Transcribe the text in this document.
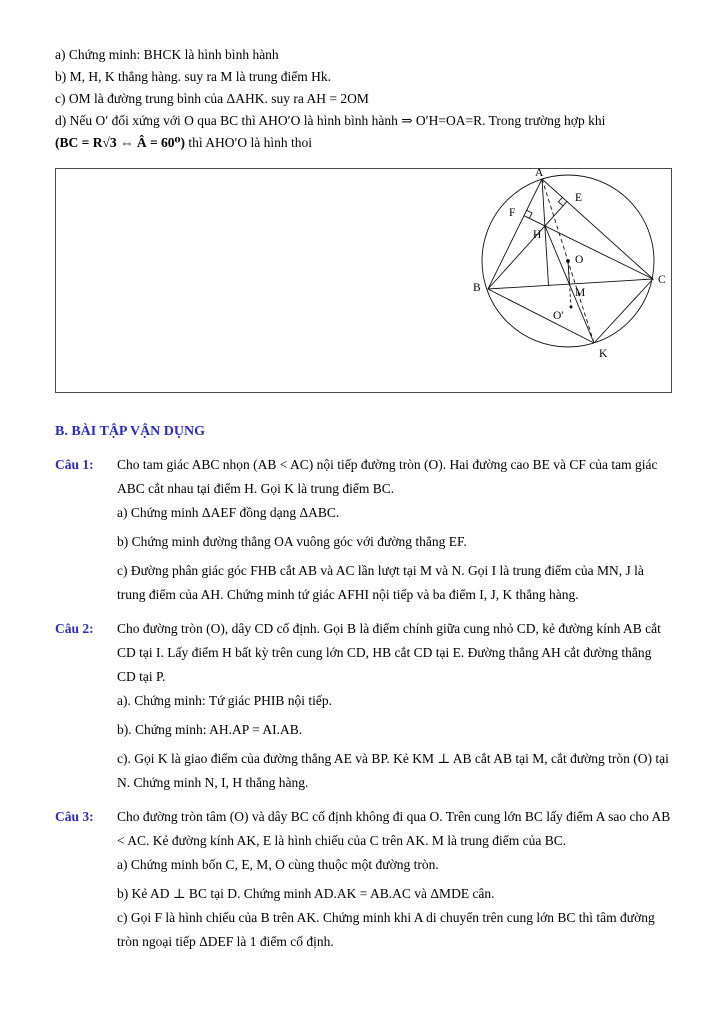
a) Chứng minh: BHCK là hình bình hành

b) M, H, K thẳng hàng. suy ra M là trung điểm Hk.

c) OM là đường trung bình của ΔAHK. suy ra AH = 2OM

d) Nếu O′ đối xứng với O qua BC thì AHO′O là hình bình hành ⇒ O′H=OA=R. Trong trường hợp khi

(BC = R√3 ⇔ Â = 60⁰) thì AHO′O là hình thoi

A
E
F
H
O
B
C
M
O′
K
B. BÀI TẬP VẬN DỤNG
Câu 1:	Cho tam giác ABC nhọn (AB < AC) nội tiếp đường tròn (O). Hai đường cao BE và CF của tam giác ABC cắt nhau tại điểm H. Gọi K là trung điểm BC.

a) Chứng minh ΔAEF đồng dạng ΔABC.

b) Chứng minh đường thẳng OA vuông góc với đường thẳng EF.

c) Đường phân giác góc FHB cắt AB và AC lần lượt tại M và N. Gọi I là trung điểm của MN, J là trung điểm của AH. Chứng minh tứ giác AFHI nội tiếp và ba điểm I, J, K thẳng hàng.

Câu 2:	Cho đường tròn (O), dây CD cố định. Gọi B là điểm chính giữa cung nhỏ CD, kẻ đường kính AB cắt CD tại I. Lấy điểm H bất kỳ trên cung lớn CD, HB cắt CD tại E. Đường thẳng AH cắt đường thẳng CD tại P.

a). Chứng minh: Tứ giác PHIB nội tiếp.

b). Chứng minh: AH.AP = AI.AB.

c). Gọi K là giao điểm của đường thẳng AE và BP. Kẻ KM ⊥ AB cắt AB tại M, cắt đường tròn (O) tại N. Chứng minh N, I, H thẳng hàng.

Câu 3:	Cho đường tròn tâm (O) và dây BC cố định không đi qua O. Trên cung lớn BC lấy điểm A sao cho AB < AC. Kẻ đường kính AK, E là hình chiếu của C trên AK. M là trung điểm của BC.

a) Chứng minh bốn C, E, M, O cùng thuộc một đường tròn.

b) Kẻ AD ⊥ BC tại D. Chứng minh AD.AK = AB.AC và ΔMDE cân.

c) Gọi F là hình chiếu của B trên AK. Chứng minh khi A di chuyển trên cung lớn BC thì tâm đường tròn ngoại tiếp ΔDEF là 1 điểm cố định.
